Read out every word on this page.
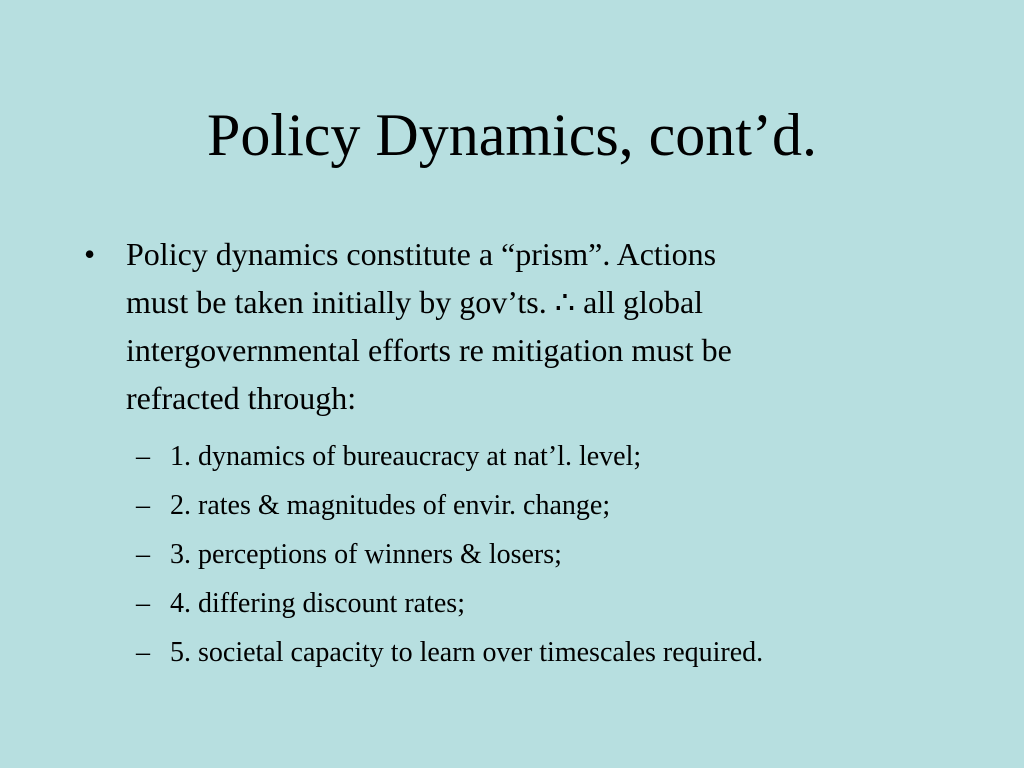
Policy Dynamics, cont’d.
• Policy dynamics constitute a “prism”. Actions
must be taken initially by gov’ts. ∴ all global
intergovernmental efforts re mitigation must be
refracted through:
– 1. dynamics of bureaucracy at nat’l. level;
– 2. rates & magnitudes of envir. change;
– 3. perceptions of winners & losers;
– 4. differing discount rates;
– 5. societal capacity to learn over timescales required.
